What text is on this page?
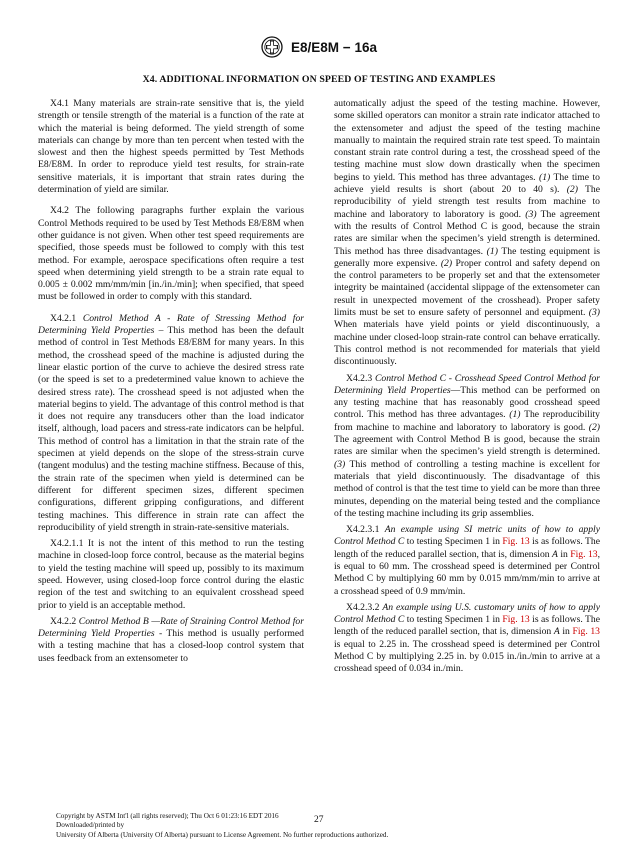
E8/E8M − 16a
X4. ADDITIONAL INFORMATION ON SPEED OF TESTING AND EXAMPLES

X4.1 Many materials are strain-rate sensitive that is, the yield strength or tensile strength of the material is a function of the rate at which the material is being deformed. The yield strength of some materials can change by more than ten percent when tested with the slowest and then the highest speeds permitted by Test Methods E8/E8M. In order to reproduce yield test results, for strain-rate sensitive materials, it is important that strain rates during the determination of yield are similar.

X4.2 The following paragraphs further explain the various Control Methods required to be used by Test Methods E8/E8M when other guidance is not given. When other test speed requirements are specified, those speeds must be followed to comply with this test method. For example, aerospace specifications often require a test speed when determining yield strength to be a strain rate equal to 0.005 ± 0.002 mm/mm/min [in./in./min]; when specified, that speed must be followed in order to comply with this standard.

X4.2.1 Control Method A - Rate of Stressing Method for Determining Yield Properties – This method has been the default method of control in Test Methods E8/E8M for many years. In this method, the crosshead speed of the machine is adjusted during the linear elastic portion of the curve to achieve the desired stress rate (or the speed is set to a predetermined value known to achieve the desired stress rate). The crosshead speed is not adjusted when the material begins to yield. The advantage of this control method is that it does not require any transducers other than the load indicator itself, although, load pacers and stress-rate indicators can be helpful. This method of control has a limitation in that the strain rate of the specimen at yield depends on the slope of the stress-strain curve (tangent modulus) and the testing machine stiffness. Because of this, the strain rate of the specimen when yield is determined can be different for different specimen sizes, different specimen configurations, different gripping configurations, and different testing machines. This difference in strain rate can affect the reproducibility of yield strength in strain-rate-sensitive materials.

X4.2.1.1 It is not the intent of this method to run the testing machine in closed-loop force control, because as the material begins to yield the testing machine will speed up, possibly to its maximum speed. However, using closed-loop force control during the elastic region of the test and switching to an equivalent crosshead speed prior to yield is an acceptable method.

X4.2.2 Control Method B —Rate of Straining Control Method for Determining Yield Properties - This method is usually performed with a testing machine that has a closed-loop control system that uses feedback from an extensometer to

automatically adjust the speed of the testing machine. However, some skilled operators can monitor a strain rate indicator attached to the extensometer and adjust the speed of the testing machine manually to maintain the required strain rate test speed. To maintain constant strain rate control during a test, the crosshead speed of the testing machine must slow down drastically when the specimen begins to yield. This method has three advantages. (1) The time to achieve yield results is short (about 20 to 40 s). (2) The reproducibility of yield strength test results from machine to machine and laboratory to laboratory is good. (3) The agreement with the results of Control Method C is good, because the strain rates are similar when the specimen’s yield strength is determined. This method has three disadvantages. (1) The testing equipment is generally more expensive. (2) Proper control and safety depend on the control parameters to be properly set and that the extensometer integrity be maintained (accidental slippage of the extensometer can result in unexpected movement of the crosshead). Proper safety limits must be set to ensure safety of personnel and equipment. (3) When materials have yield points or yield discontinuously, a machine under closed-loop strain-rate control can behave erratically. This control method is not recommended for materials that yield discontinuously.

X4.2.3 Control Method C - Crosshead Speed Control Method for Determining Yield Properties—This method can be performed on any testing machine that has reasonably good crosshead speed control. This method has three advantages. (1) The reproducibility from machine to machine and laboratory to laboratory is good. (2) The agreement with Control Method B is good, because the strain rates are similar when the specimen’s yield strength is determined. (3) This method of controlling a testing machine is excellent for materials that yield discontinuously. The disadvantage of this method of control is that the test time to yield can be more than three minutes, depending on the material being tested and the compliance of the testing machine including its grip assemblies.

X4.2.3.1 An example using SI metric units of how to apply Control Method C to testing Specimen 1 in Fig. 13 is as follows. The length of the reduced parallel section, that is, dimension A in Fig. 13, is equal to 60 mm. The crosshead speed is determined per Control Method C by multiplying 60 mm by 0.015 mm/mm/min to arrive at a crosshead speed of 0.9 mm/min.

X4.2.3.2 An example using U.S. customary units of how to apply Control Method C to testing Specimen 1 in Fig. 13 is as follows. The length of the reduced parallel section, that is, dimension A in Fig. 13 is equal to 2.25 in. The crosshead speed is determined per Control Method C by multiplying 2.25 in. by 0.015 in./in./min to arrive at a crosshead speed of 0.034 in./min.

Copyright by ASTM Int'l (all rights reserved); Thu Oct 6 01:23:16 EDT 2016
Downloaded/printed by
University Of Alberta (University Of Alberta) pursuant to License Agreement. No further reproductions authorized.
27
